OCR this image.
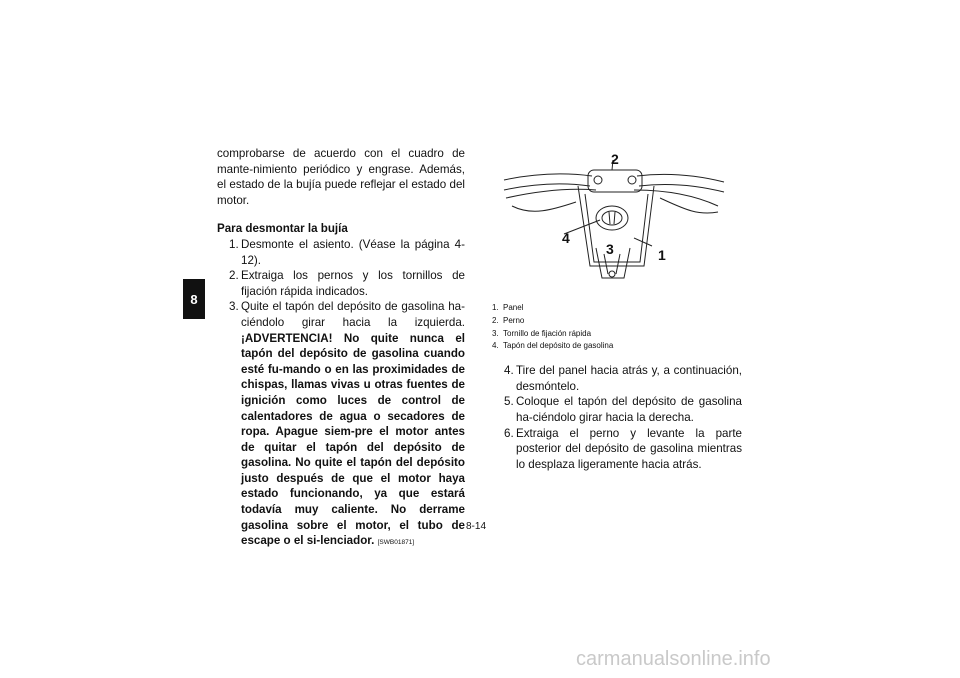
8

comprobarse de acuerdo con el cuadro de mante-nimiento periódico y engrase. Además, el estado de la bujía puede reflejar el estado del motor.

Para desmontar la bujía

1. Desmonte el asiento. (Véase la página 4-12).
2. Extraiga los pernos y los tornillos de fijación rápida indicados.
3. Quite el tapón del depósito de gasolina ha-ciéndolo girar hacia la izquierda. ¡ADVERTENCIA! No quite nunca el tapón del depósito de gasolina cuando esté fu-mando o en las proximidades de chispas, llamas vivas u otras fuentes de ignición como luces de control de calentadores de agua o secadores de ropa. Apague siem-pre el motor antes de quitar el tapón del depósito de gasolina. No quite el tapón del depósito justo después de que el motor haya estado funcionando, ya que estará todavía muy caliente. No derrame gasolina sobre el motor, el tubo de escape o el si-lenciador. [SWB01871]
2
4
3	1
1. Panel
2. Perno
3. Tornillo de fijación rápida
4. Tapón del depósito de gasolina
4. Tire del panel hacia atrás y, a continuación, desmóntelo.
5. Coloque el tapón del depósito de gasolina ha-ciéndolo girar hacia la derecha.
6. Extraiga el perno y levante la parte posterior del depósito de gasolina mientras lo desplaza ligeramente hacia atrás.
8-14
carmanualsonline.info
